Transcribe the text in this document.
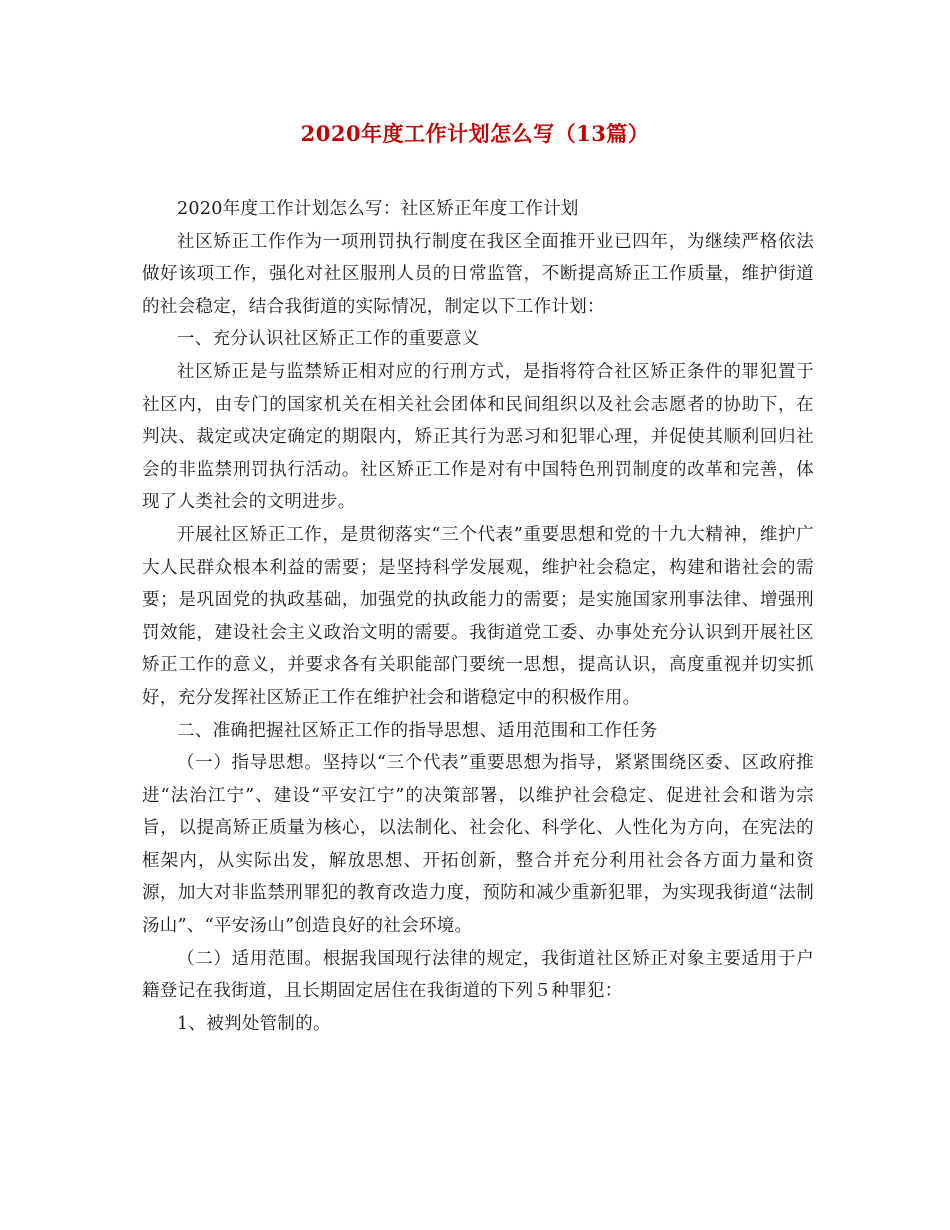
2020年度工作计划怎么写（13篇）

2020年度工作计划怎么写：社区矫正年度工作计划

社区矫正工作作为一项刑罚执行制度在我区全面推开业已四年，为继续严格依法做好该项工作，强化对社区服刑人员的日常监管，不断提高矫正工作质量，维护街道的社会稳定，结合我街道的实际情况，制定以下工作计划：

一、充分认识社区矫正工作的重要意义

社区矫正是与监禁矫正相对应的行刑方式，是指将符合社区矫正条件的罪犯置于社区内，由专门的国家机关在相关社会团体和民间组织以及社会志愿者的协助下，在判决、裁定或决定确定的期限内，矫正其行为恶习和犯罪心理，并促使其顺利回归社会的非监禁刑罚执行活动。社区矫正工作是对有中国特色刑罚制度的改革和完善，体现了人类社会的文明进步。

开展社区矫正工作，是贯彻落实“三个代表”重要思想和党的十九大精神，维护广大人民群众根本利益的需要；是坚持科学发展观，维护社会稳定，构建和谐社会的需要；是巩固党的执政基础，加强党的执政能力的需要；是实施国家刑事法律、增强刑罚效能，建设社会主义政治文明的需要。我街道党工委、办事处充分认识到开展社区矫正工作的意义，并要求各有关职能部门要统一思想，提高认识，高度重视并切实抓好，充分发挥社区矫正工作在维护社会和谐稳定中的积极作用。

二、准确把握社区矫正工作的指导思想、适用范围和工作任务

（一）指导思想。坚持以“三个代表”重要思想为指导，紧紧围绕区委、区政府推进“法治江宁”、建设“平安江宁”的决策部署，以维护社会稳定、促进社会和谐为宗旨，以提高矫正质量为核心，以法制化、社会化、科学化、人性化为方向，在宪法的框架内，从实际出发，解放思想、开拓创新，整合并充分利用社会各方面力量和资源，加大对非监禁刑罪犯的教育改造力度，预防和减少重新犯罪，为实现我街道“法制汤山”、“平安汤山”创造良好的社会环境。

（二）适用范围。根据我国现行法律的规定，我街道社区矫正对象主要适用于户籍登记在我街道，且长期固定居住在我街道的下列５种罪犯：

1、被判处管制的。
